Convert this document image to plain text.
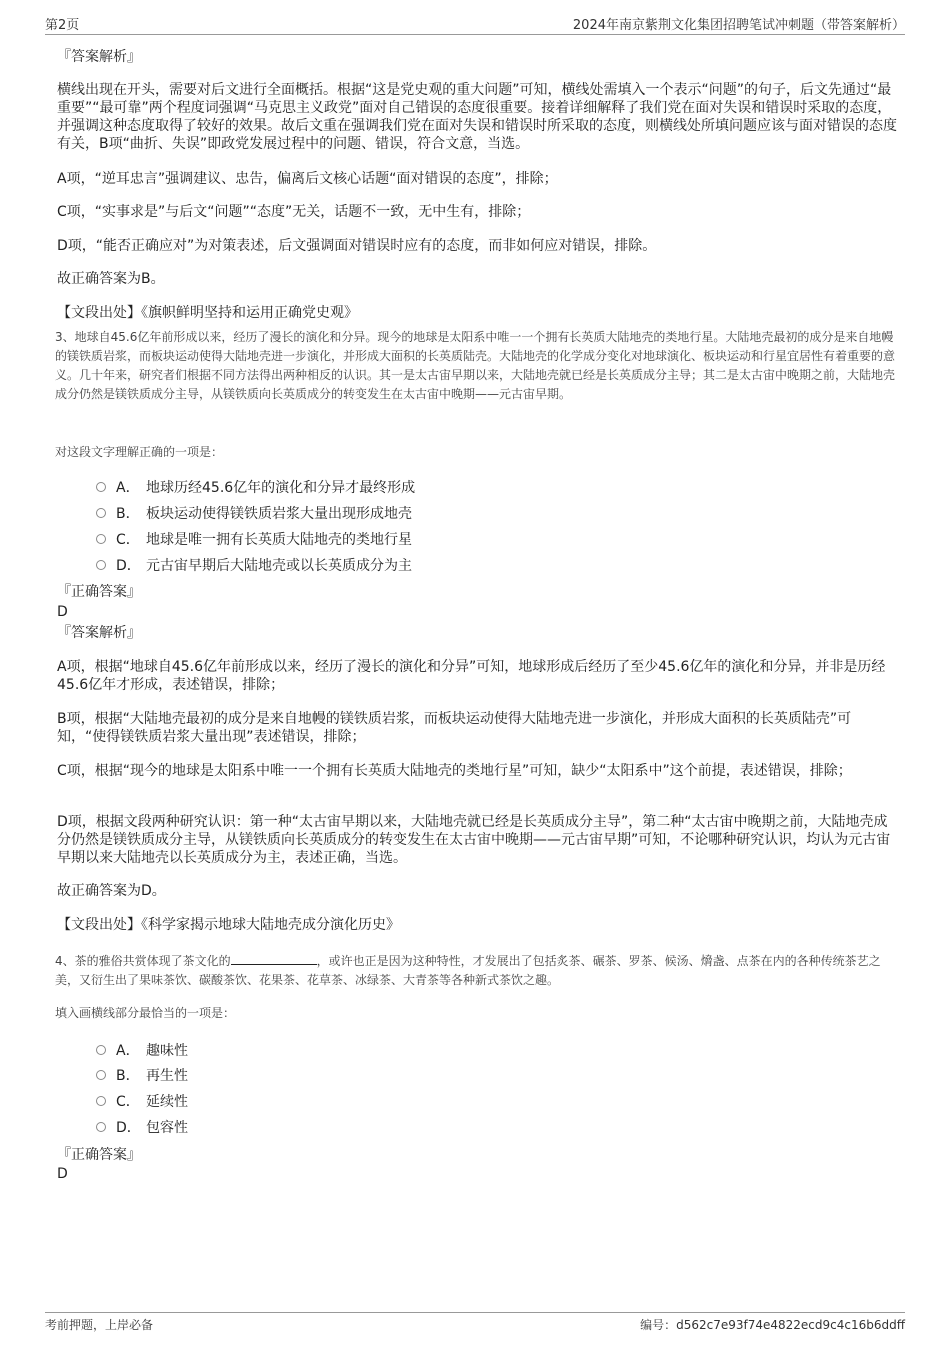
第2页	2024年南京紫荆文化集团招聘笔试冲刺题（带答案解析）

『答案解析』

横线出现在开头，需要对后文进行全面概括。根据“这是党史观的重大问题”可知，横线处需填入一个表示“问题”的句子，后文先通过“最重要”“最可靠”两个程度词强调“马克思主义政党”面对自己错误的态度很重要。接着详细解释了我们党在面对失误和错误时采取的态度，并强调这种态度取得了较好的效果。故后文重在强调我们党在面对失误和错误时所采取的态度，则横线处所填问题应该与面对错误的态度有关，B项“曲折、失误”即政党发展过程中的问题、错误，符合文意，当选。

A项，“逆耳忠言”强调建议、忠告，偏离后文核心话题“面对错误的态度”，排除；

C项，“实事求是”与后文“问题”“态度”无关，话题不一致，无中生有，排除；

D项，“能否正确应对”为对策表述，后文强调面对错误时应有的态度，而非如何应对错误，排除。

故正确答案为B。

【文段出处】《旗帜鲜明坚持和运用正确党史观》

3、地球自45.6亿年前形成以来，经历了漫长的演化和分异。现今的地球是太阳系中唯一一个拥有长英质大陆地壳的类地行星。大陆地壳最初的成分是来自地幔的镁铁质岩浆，而板块运动使得大陆地壳进一步演化，并形成大面积的长英质陆壳。大陆地壳的化学成分变化对地球演化、板块运动和行星宜居性有着重要的意义。几十年来，研究者们根据不同方法得出两种相反的认识。其一是太古宙早期以来，大陆地壳就已经是长英质成分主导；其二是太古宙中晚期之前，大陆地壳成分仍然是镁铁质成分主导，从镁铁质向长英质成分的转变发生在太古宙中晚期——元古宙早期。

对这段文字理解正确的一项是：

A． 地球历经45.6亿年的演化和分异才最终形成
B． 板块运动使得镁铁质岩浆大量出现形成地壳
C． 地球是唯一拥有长英质大陆地壳的类地行星
D． 元古宙早期后大陆地壳或以长英质成分为主

『正确答案』

D

『答案解析』

A项，根据“地球自45.6亿年前形成以来，经历了漫长的演化和分异”可知，地球形成后经历了至少45.6亿年的演化和分异，并非是历经45.6亿年才形成，表述错误，排除；

B项，根据“大陆地壳最初的成分是来自地幔的镁铁质岩浆，而板块运动使得大陆地壳进一步演化，并形成大面积的长英质陆壳”可知，“使得镁铁质岩浆大量出现”表述错误，排除；

C项，根据“现今的地球是太阳系中唯一一个拥有长英质大陆地壳的类地行星”可知，缺少“太阳系中”这个前提，表述错误，排除；

D项，根据文段两种研究认识：第一种“太古宙早期以来，大陆地壳就已经是长英质成分主导”，第二种“太古宙中晚期之前，大陆地壳成分仍然是镁铁质成分主导，从镁铁质向长英质成分的转变发生在太古宙中晚期——元古宙早期”可知，不论哪种研究认识，均认为元古宙早期以来大陆地壳以长英质成分为主，表述正确，当选。

故正确答案为D。

【文段出处】《科学家揭示地球大陆地壳成分演化历史》

4、茶的雅俗共赏体现了茶文化的	，或许也正是因为这种特性，才发展出了包括炙茶、碾茶、罗茶、候汤、熁盏、点茶在内的各种传统茶艺之美，又衍生出了果味茶饮、碳酸茶饮、花果茶、花草茶、冰绿茶、大青茶等各种新式茶饮之趣。

填入画横线部分最恰当的一项是：

A． 趣味性
B． 再生性
C． 延续性
D． 包容性

『正确答案』

D

考前押题，上岸必备	编号：d562c7e93f74e4822ecd9c4c16b6ddff
